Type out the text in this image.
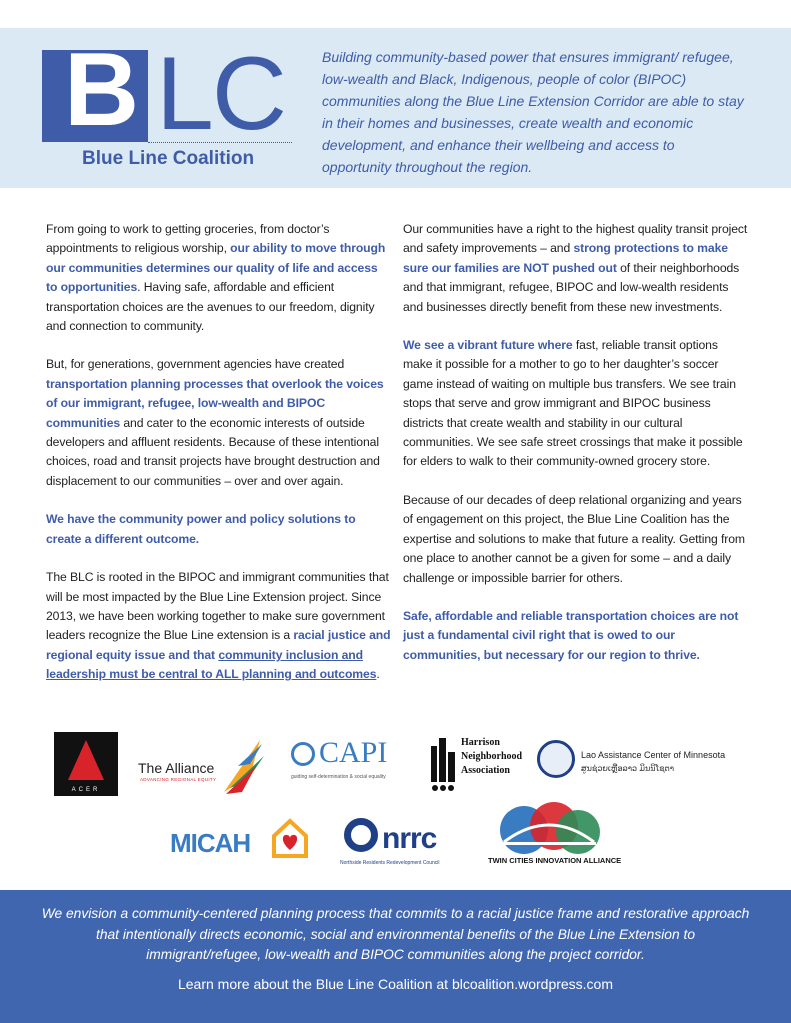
B LC
Blue Line Coalition
Building community-based power that ensures immigrant/ refugee, low-wealth and Black, Indigenous, people of color (BIPOC) communities along the Blue Line Extension Corridor are able to stay in their homes and businesses, create wealth and economic development, and enhance their wellbeing and access to opportunity throughout the region.

From going to work to getting groceries, from doctor’s appointments to religious worship, our ability to move through our communities determines our quality of life and access to opportunities. Having safe, affordable and efficient transportation choices are the avenues to our freedom, dignity and connection to community.

But, for generations, government agencies have created transportation planning processes that overlook the voices of our immigrant, refugee, low-wealth and BIPOC communities and cater to the economic interests of outside developers and affluent residents. Because of these intentional choices, road and transit projects have brought destruction and displacement to our communities – over and over again.

We have the community power and policy solutions to create a different outcome.

The BLC is rooted in the BIPOC and immigrant communities that will be most impacted by the Blue Line Extension project. Since 2013, we have been working together to make sure government leaders recognize the Blue Line extension is a racial justice and regional equity issue and that community inclusion and leadership must be central to ALL planning and outcomes.

Our communities have a right to the highest quality transit project and safety improvements – and strong protections to make sure our families are NOT pushed out of their neighborhoods and that immigrant, refugee, BIPOC and low-wealth residents and businesses directly benefit from these new investments.

We see a vibrant future where fast, reliable transit options make it possible for a mother to go to her daughter’s soccer game instead of waiting on multiple bus transfers. We see train stops that serve and grow immigrant and BIPOC business districts that create wealth and stability in our cultural communities. We see safe street crossings that make it possible for elders to walk to their community-owned grocery store.

Because of our decades of deep relational organizing and years of engagement on this project, the Blue Line Coalition has the expertise and solutions to make that future a reality. Getting from one place to another cannot be a given for some – and a daily challenge or impossible barrier for others.

Safe, affordable and reliable transportation choices are not just a fundamental civil right that is owed to our communities, but necessary for our region to thrive.

ACER
The Alliance
ADVANCING REGIONAL EQUITY
CAPI
guiding self-determination & social equality
Harrison
Neighborhood
Association
Lao Assistance Center of Minnesota
ສູນຊ່ວຍເຫຼືອລາວ ມິນນິໂຊຕາ
MICAH	nrrc
Northside Residents Redevelopment Council	TWIN CITIES INNOVATION ALLIANCE
We envision a community-centered planning process that commits to a racial justice frame and restorative approach that intentionally directs economic, social and environmental benefits of the Blue Line Extension to immigrant/refugee, low-wealth and BIPOC communities along the project corridor.
Learn more about the Blue Line Coalition at blcoalition.wordpress.com
